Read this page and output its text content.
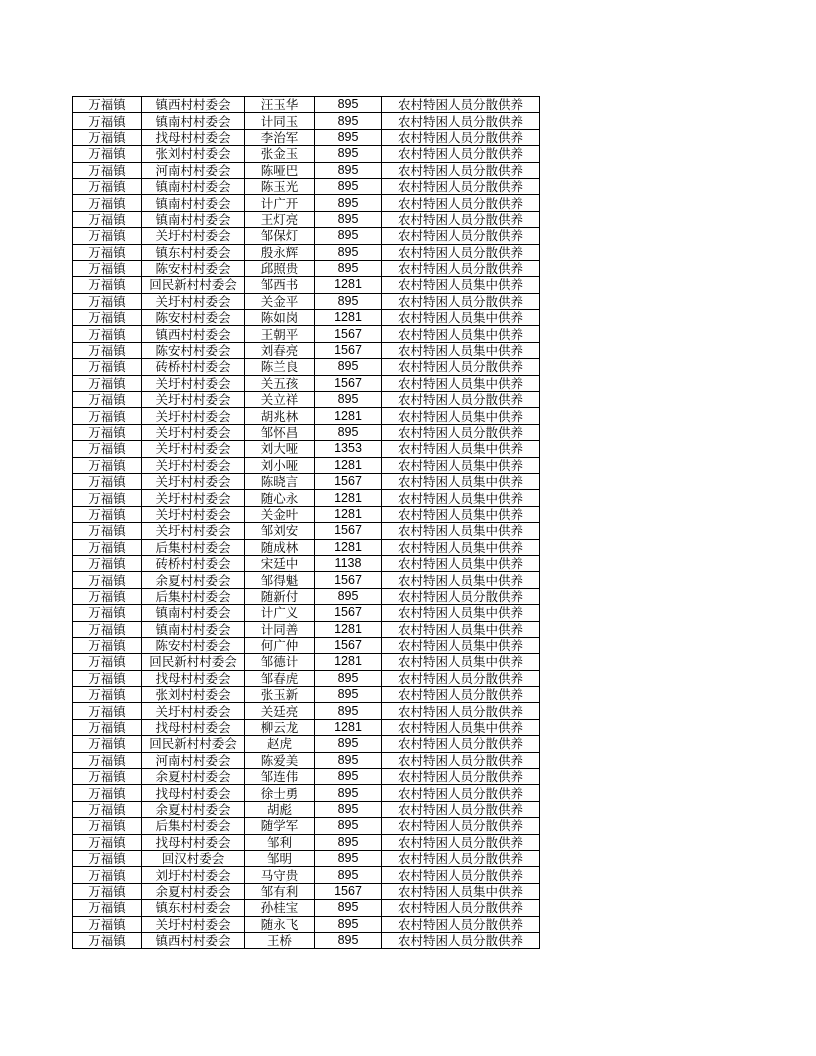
万福镇	镇西村村委会	汪玉华	895	农村特困人员分散供养
万福镇	镇南村村委会	计同玉	895	农村特困人员分散供养
万福镇	找母村村委会	李治军	895	农村特困人员分散供养
万福镇	张刘村村委会	张金玉	895	农村特困人员分散供养
万福镇	河南村村委会	陈哑巴	895	农村特困人员分散供养
万福镇	镇南村村委会	陈玉光	895	农村特困人员分散供养
万福镇	镇南村村委会	计广开	895	农村特困人员分散供养
万福镇	镇南村村委会	王灯亮	895	农村特困人员分散供养
万福镇	关圩村村委会	邹保灯	895	农村特困人员分散供养
万福镇	镇东村村委会	殷永辉	895	农村特困人员分散供养
万福镇	陈安村村委会	邱照贵	895	农村特困人员分散供养
万福镇	回民新村村委会	邹西书	1281	农村特困人员集中供养
万福镇	关圩村村委会	关金平	895	农村特困人员分散供养
万福镇	陈安村村委会	陈如岗	1281	农村特困人员集中供养
万福镇	镇西村村委会	王朝平	1567	农村特困人员集中供养
万福镇	陈安村村委会	刘春亮	1567	农村特困人员集中供养
万福镇	砖桥村村委会	陈兰良	895	农村特困人员分散供养
万福镇	关圩村村委会	关五孩	1567	农村特困人员集中供养
万福镇	关圩村村委会	关立祥	895	农村特困人员分散供养
万福镇	关圩村村委会	胡兆林	1281	农村特困人员集中供养
万福镇	关圩村村委会	邹怀昌	895	农村特困人员分散供养
万福镇	关圩村村委会	刘大哑	1353	农村特困人员集中供养
万福镇	关圩村村委会	刘小哑	1281	农村特困人员集中供养
万福镇	关圩村村委会	陈晓言	1567	农村特困人员集中供养
万福镇	关圩村村委会	随心永	1281	农村特困人员集中供养
万福镇	关圩村村委会	关金叶	1281	农村特困人员集中供养
万福镇	关圩村村委会	邹刘安	1567	农村特困人员集中供养
万福镇	后集村村委会	随成林	1281	农村特困人员集中供养
万福镇	砖桥村村委会	宋廷中	1138	农村特困人员集中供养
万福镇	余夏村村委会	邹得魁	1567	农村特困人员集中供养
万福镇	后集村村委会	随新付	895	农村特困人员分散供养
万福镇	镇南村村委会	计广义	1567	农村特困人员集中供养
万福镇	镇南村村委会	计同善	1281	农村特困人员集中供养
万福镇	陈安村村委会	何广仲	1567	农村特困人员集中供养
万福镇	回民新村村委会	邹德计	1281	农村特困人员集中供养
万福镇	找母村村委会	邹春虎	895	农村特困人员分散供养
万福镇	张刘村村委会	张玉新	895	农村特困人员分散供养
万福镇	关圩村村委会	关廷亮	895	农村特困人员分散供养
万福镇	找母村村委会	柳云龙	1281	农村特困人员集中供养
万福镇	回民新村村委会	赵虎	895	农村特困人员分散供养
万福镇	河南村村委会	陈爱美	895	农村特困人员分散供养
万福镇	余夏村村委会	邹连伟	895	农村特困人员分散供养
万福镇	找母村村委会	徐士勇	895	农村特困人员分散供养
万福镇	余夏村村委会	胡彪	895	农村特困人员分散供养
万福镇	后集村村委会	随学军	895	农村特困人员分散供养
万福镇	找母村村委会	邹利	895	农村特困人员分散供养
万福镇	回汉村委会	邹明	895	农村特困人员分散供养
万福镇	刘圩村村委会	马守贵	895	农村特困人员分散供养
万福镇	余夏村村委会	邹有利	1567	农村特困人员集中供养
万福镇	镇东村村委会	孙桂宝	895	农村特困人员分散供养
万福镇	关圩村村委会	随永飞	895	农村特困人员分散供养
万福镇	镇西村村委会	王桥	895	农村特困人员分散供养
